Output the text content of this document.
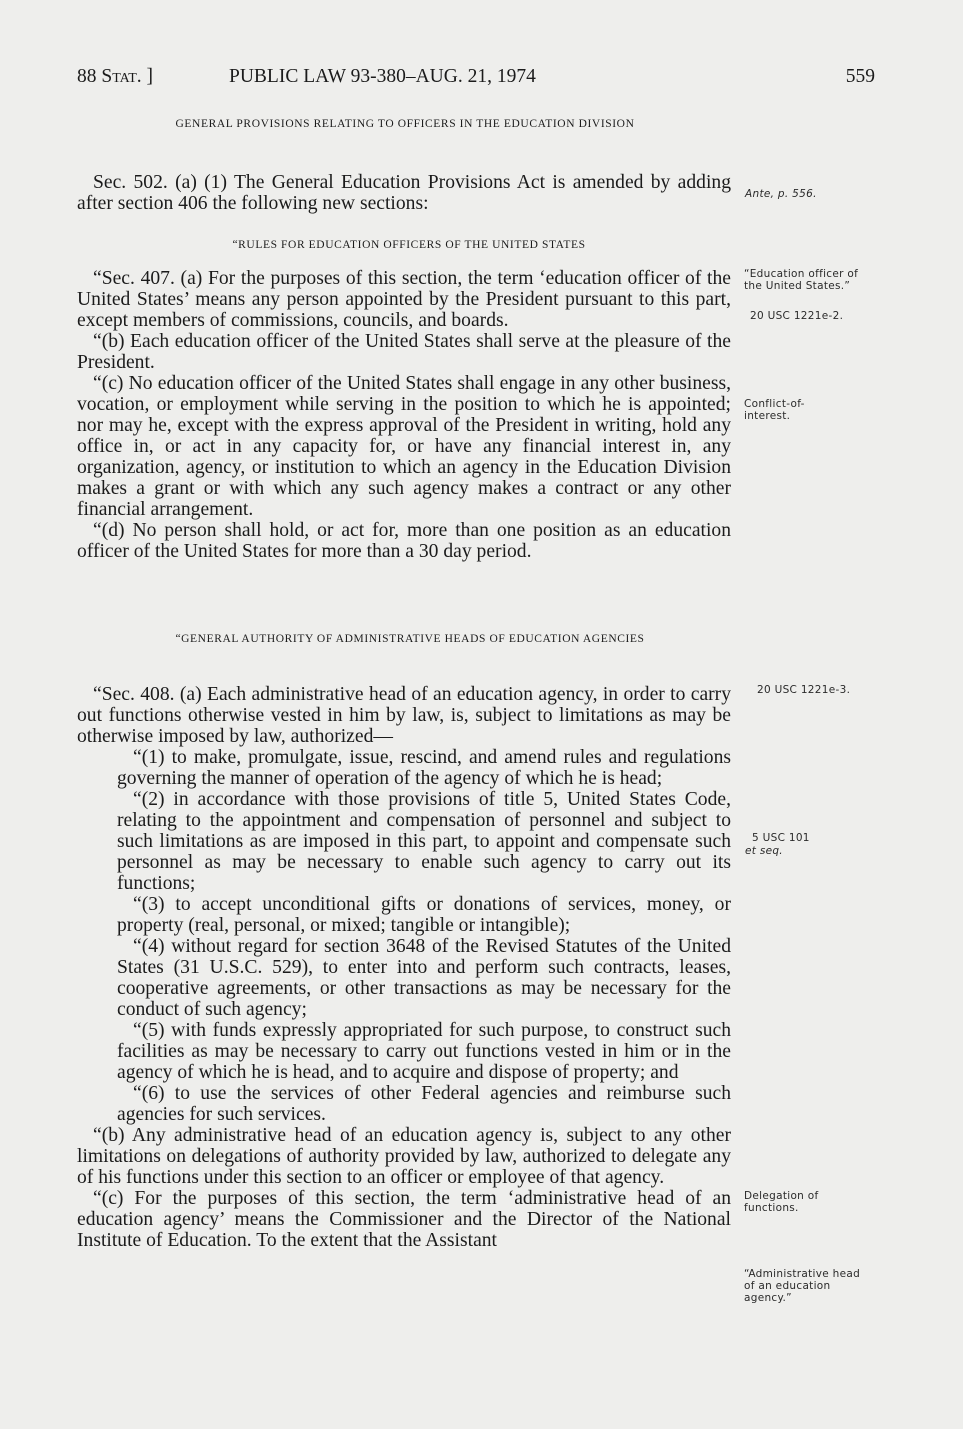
88 Stat. ]	PUBLIC LAW 93-380–AUG. 21, 1974	559
GENERAL PROVISIONS RELATING TO OFFICERS IN THE EDUCATION DIVISION

Sec. 502. (a) (1) The General Education Provisions Act is amended by adding after section 406 the following new sections:

“RULES FOR EDUCATION OFFICERS OF THE UNITED STATES

“Sec. 407. (a) For the purposes of this section, the term ‘education officer of the United States’ means any person appointed by the President pursuant to this part, except members of commissions, councils, and boards.

“(b) Each education officer of the United States shall serve at the pleasure of the President.

“(c) No education officer of the United States shall engage in any other business, vocation, or employment while serving in the position to which he is appointed; nor may he, except with the express approval of the President in writing, hold any office in, or act in any capacity for, or have any financial interest in, any organization, agency, or institution to which an agency in the Education Division makes a grant or with which any such agency makes a contract or any other financial arrangement.

“(d) No person shall hold, or act for, more than one position as an education officer of the United States for more than a 30 day period.

“GENERAL AUTHORITY OF ADMINISTRATIVE HEADS OF EDUCATION AGENCIES

“Sec. 408. (a) Each administrative head of an education agency, in order to carry out functions otherwise vested in him by law, is, subject to limitations as may be otherwise imposed by law, authorized—

“(1) to make, promulgate, issue, rescind, and amend rules and regulations governing the manner of operation of the agency of which he is head;

“(2) in accordance with those provisions of title 5, United States Code, relating to the appointment and compensation of personnel and subject to such limitations as are imposed in this part, to appoint and compensate such personnel as may be necessary to enable such agency to carry out its functions;

“(3) to accept unconditional gifts or donations of services, money, or property (real, personal, or mixed; tangible or intangible);

“(4) without regard for section 3648 of the Revised Statutes of the United States (31 U.S.C. 529), to enter into and perform such contracts, leases, cooperative agreements, or other transactions as may be necessary for the conduct of such agency;

“(5) with funds expressly appropriated for such purpose, to construct such facilities as may be necessary to carry out functions vested in him or in the agency of which he is head, and to acquire and dispose of property; and

“(6) to use the services of other Federal agencies and reimburse such agencies for such services.

“(b) Any administrative head of an education agency is, subject to any other limitations on delegations of authority provided by law, authorized to delegate any of his functions under this section to an officer or employee of that agency.

“(c) For the purposes of this section, the term ‘administrative head of an education agency’ means the Commissioner and the Director of the National Institute of Education. To the extent that the Assistant

Ante, p. 556.
“Education officer of the United States.”
20 USC 1221e-2.
Conflict-of-interest.
20 USC 1221e-3.
5 USC 101
et seq.
Delegation of functions.
“Administrative head of an education agency.”
